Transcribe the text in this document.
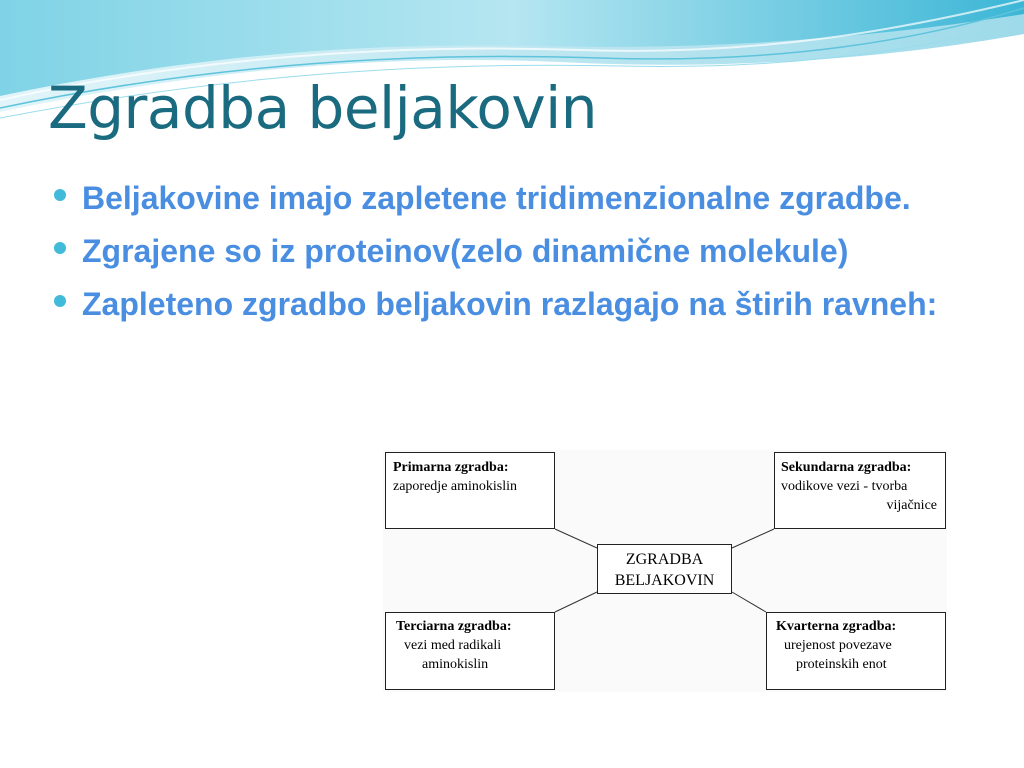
Zgradba beljakovin
Beljakovine imajo zapletene tridimenzionalne zgradbe.
Zgrajene so iz proteinov(zelo dinamične molekule)
Zapleteno zgradbo beljakovin razlagajo na štirih ravneh:
Primarna zgradba:
zaporedje aminokislin
Sekundarna zgradba:
vodikove vezi - tvorba
vijačnice
ZGRADBA
BELJAKOVIN
Terciarna zgradba:
vezi med radikali
aminokislin
Kvarterna zgradba:
urejenost povezave
proteinskih enot
